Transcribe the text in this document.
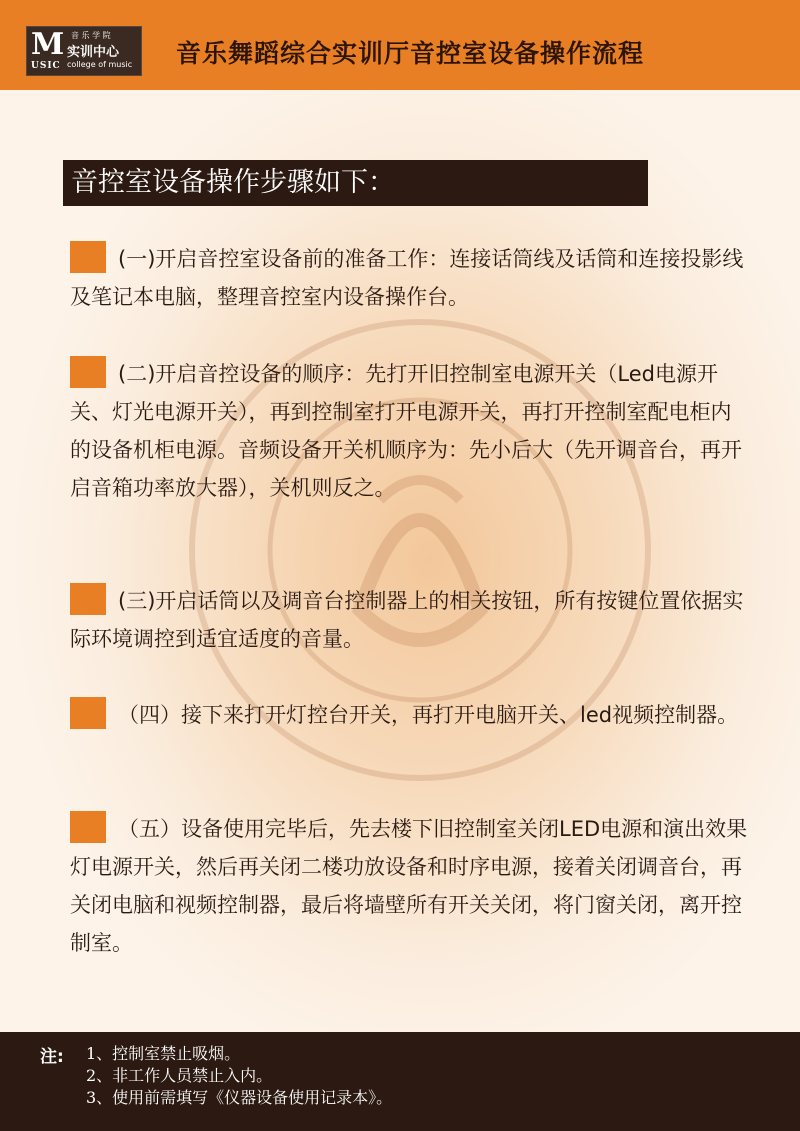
M
USIC
音 乐 学 院
实训中心
college of music 音乐舞蹈综合实训厅音控室设备操作流程
音控室设备操作步骤如下：
(一)开启音控室设备前的准备工作：连接话筒线及话筒和连接投影线及笔记本电脑，整理音控室内设备操作台。
(二)开启音控设备的顺序：先打开旧控制室电源开关（Led电源开关、灯光电源开关），再到控制室打开电源开关，再打开控制室配电柜内的设备机柜电源。音频设备开关机顺序为：先小后大（先开调音台，再开启音箱功率放大器），关机则反之。
(三)开启话筒以及调音台控制器上的相关按钮，所有按键位置依据实际环境调控到适宜适度的音量。
（四）接下来打开灯控台开关，再打开电脑开关、led视频控制器。
（五）设备使用完毕后，先去楼下旧控制室关闭LED电源和演出效果灯电源开关，然后再关闭二楼功放设备和时序电源，接着关闭调音台，再关闭电脑和视频控制器，最后将墙壁所有开关关闭，将门窗关闭，离开控制室。
注: 1、控制室禁止吸烟。
2、非工作人员禁止入内。
3、使用前需填写《仪器设备使用记录本》。
